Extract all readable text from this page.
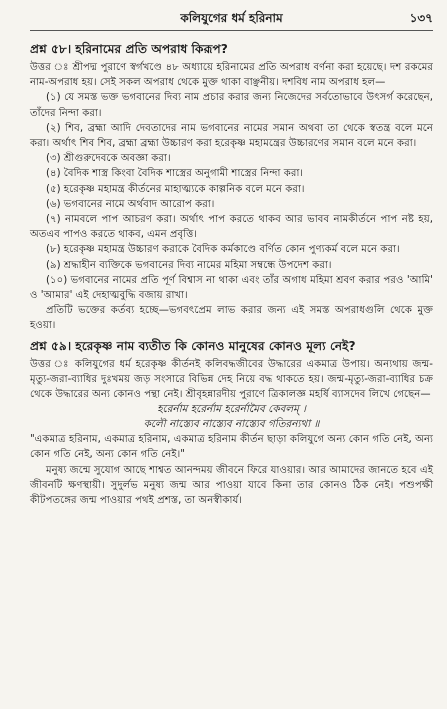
কলিযুগের ধর্ম হরিনাম	১৩৭
প্রশ্ন ৫৮। হরিনামের প্রতি অপরাধ কিরূপ?

উত্তর ঃ শ্রীপদ্ম পুরাণে স্বর্গখণ্ডে ৪৮ অধ্যায়ে হরিনামের প্রতি অপরাধ বর্ণনা করা হয়েছে। দশ রকমের নাম-অপরাধ হয়। সেই সকল অপরাধ থেকে মুক্ত থাকা বাঞ্ছনীয়। দশবিধ নাম অপরাধ হল—

(১) যে সমস্ত ভক্ত ভগবানের দিব্য নাম প্রচার করার জন্য নিজেদের সর্বতোভাবে উৎসর্গ করেছেন, তাঁদের নিন্দা করা।

(২) শিব, ব্রহ্মা আদি দেবতাদের নাম ভগবানের নামের সমান অথবা তা থেকে স্বতন্ত্র বলে মনে করা। অর্থাৎ শিব শিব, ব্রহ্মা ব্রহ্মা উচ্চারণ করা হরেকৃষ্ণ মহামন্ত্রের উচ্চারণের সমান বলে মনে করা।

(৩) শ্রীগুরুদেবকে অবজ্ঞা করা।

(৪) বৈদিক শাস্ত্র কিংবা বৈদিক শাস্ত্রের অনুগামী শাস্ত্রের নিন্দা করা।

(৫) হরেকৃষ্ণ মহামন্ত্র কীর্তনের মাহাত্ম্যকে কাল্পনিক বলে মনে করা।

(৬) ভগবানের নামে অর্থবাদ আরোপ করা।

(৭) নামবলে পাপ আচরণ করা। অর্থাৎ পাপ করতে থাকব আর ভাবব নামকীর্তনে পাপ নষ্ট হয়, অতএব পাপও করতে থাকব, এমন প্রবৃত্তি।

(৮) হরেকৃষ্ণ মহামন্ত্র উচ্চারণ করাকে বৈদিক কর্মকাণ্ডে বর্ণিত কোন পুণ্যকর্ম বলে মনে করা।

(৯) শ্রদ্ধাহীন ব্যক্তিকে ভগবানের দিব্য নামের মহিমা সম্বন্ধে উপদেশ করা।

(১০) ভগবানের নামের প্রতি পূর্ণ বিশ্বাস না থাকা এবং তাঁর অগাধ মহিমা শ্রবণ করার পরও 'আমি' ও 'আমার' এই দেহাত্মবুদ্ধি বজায় রাখা।

প্রতিটি ভক্তের কর্তব্য হচ্ছে—ভগবৎপ্রেম লাভ করার জন্য এই সমস্ত অপরাধগুলি থেকে মুক্ত হওয়া।

প্রশ্ন ৫৯। হরেকৃষ্ণ নাম ব্যতীত কি কোনও মানুষের কোনও মূল্য নেই?

উত্তর ঃ কলিযুগের ধর্ম হরেকৃষ্ণ কীর্তনই কলিবদ্ধজীবের উদ্ধারের একমাত্র উপায়। অন্যথায় জন্ম-মৃত্যু-জরা-ব্যাধির দুঃখময় জড় সংসারে বিভিন্ন দেহ নিয়ে বদ্ধ থাকতে হয়। জন্ম-মৃত্যু-জরা-ব্যাধির চক্র থেকে উদ্ধারের অন্য কোনও পন্থা নেই। শ্রীবৃহন্নারদীয় পুরাণে ত্রিকালজ্ঞ মহর্ষি ব্যাসদেব লিখে গেছেন—

হরের্নাম হরের্নাম হরের্নামৈব কেবলম্ ।

কলৌ নাস্ত্যেব নাস্ত্যেব নাস্ত্যেব গতিরন্যথা ॥

"একমাত্র হরিনাম, একমাত্র হরিনাম, একমাত্র হরিনাম কীর্তন ছাড়া কলিযুগে অন্য কোন গতি নেই, অন্য কোন গতি নেই, অন্য কোন গতি নেই।"

মনুষ্য জন্মে সুযোগ আছে শাশ্বত আনন্দময় জীবনে ফিরে যাওয়ার। আর আমাদের জানতে হবে এই জীবনটি ক্ষণস্থায়ী। সুদুর্লভ মনুষ্য জন্ম আর পাওয়া যাবে কিনা তার কোনও ঠিক নেই। পশুপক্ষী কীটপতঙ্গের জন্ম পাওয়ার পথই প্রশস্ত, তা অনস্বীকার্য।
